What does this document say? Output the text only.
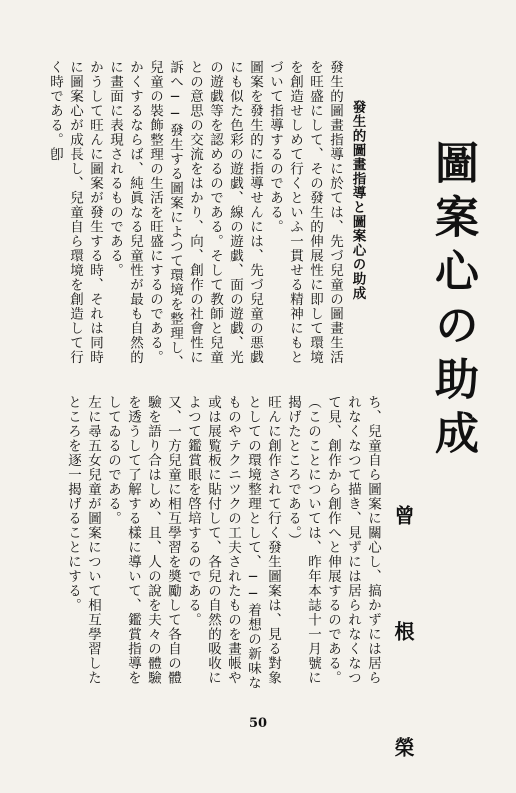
圖案心の助成
曾 根 榮
發生的圖畫指導と圖案心の助成

發生的圖畫指導に於ては、先づ兒童の圖畫生活を旺盛にして、その發生的伸展性に即して環境を創造せしめて行くといふ一貫せる精神にもとづいて指導するのである。

圖案を發生的に指導せんには、先づ兒童の悪戯にも似た色彩の遊戯、線の遊戯、面の遊戯、光の遊戯等を認めるのである。そして教師と兒童との意思の交流をはかり、向、創作の社會性に訴へ──發生する圖案によつて環境を整理し、兒童の裝飾整理の生活を旺盛にするのである。かくするならば、純眞なる兒童性が最も自然的に畫面に表現されるものである。

かうして旺んに圖案が發生する時、それは同時に圖案心が成長し、兒童自ら環境を創造して行く時である。卽

ち、兒童自ら圖案に關心し、搞かずには居られなくなつて描き、見ずには居られなくなつて見、創作から創作へと伸展するのである。

（このことについては、昨年本誌十一月號に揭げたところである。）

旺んに創作されて行く發生圖案は、見る對象としての環境整理として、──着想の新味なものやテクニツクの工夫されたものを畫帳や或は展覧板に貼付して、各兒の自然的吸收によつて鑑賞眼を啓培するのである。

又、一方兒童に相互學習を奬勵して各自の體驗を語り合はしめ、且、人の說を夫々の體驗を透うして了解する樣に導いて、鑑賞指導をしてゐるのである。

左に尋五女兒童が圖案について相互學習したところを逐一揭げることにする。

50
